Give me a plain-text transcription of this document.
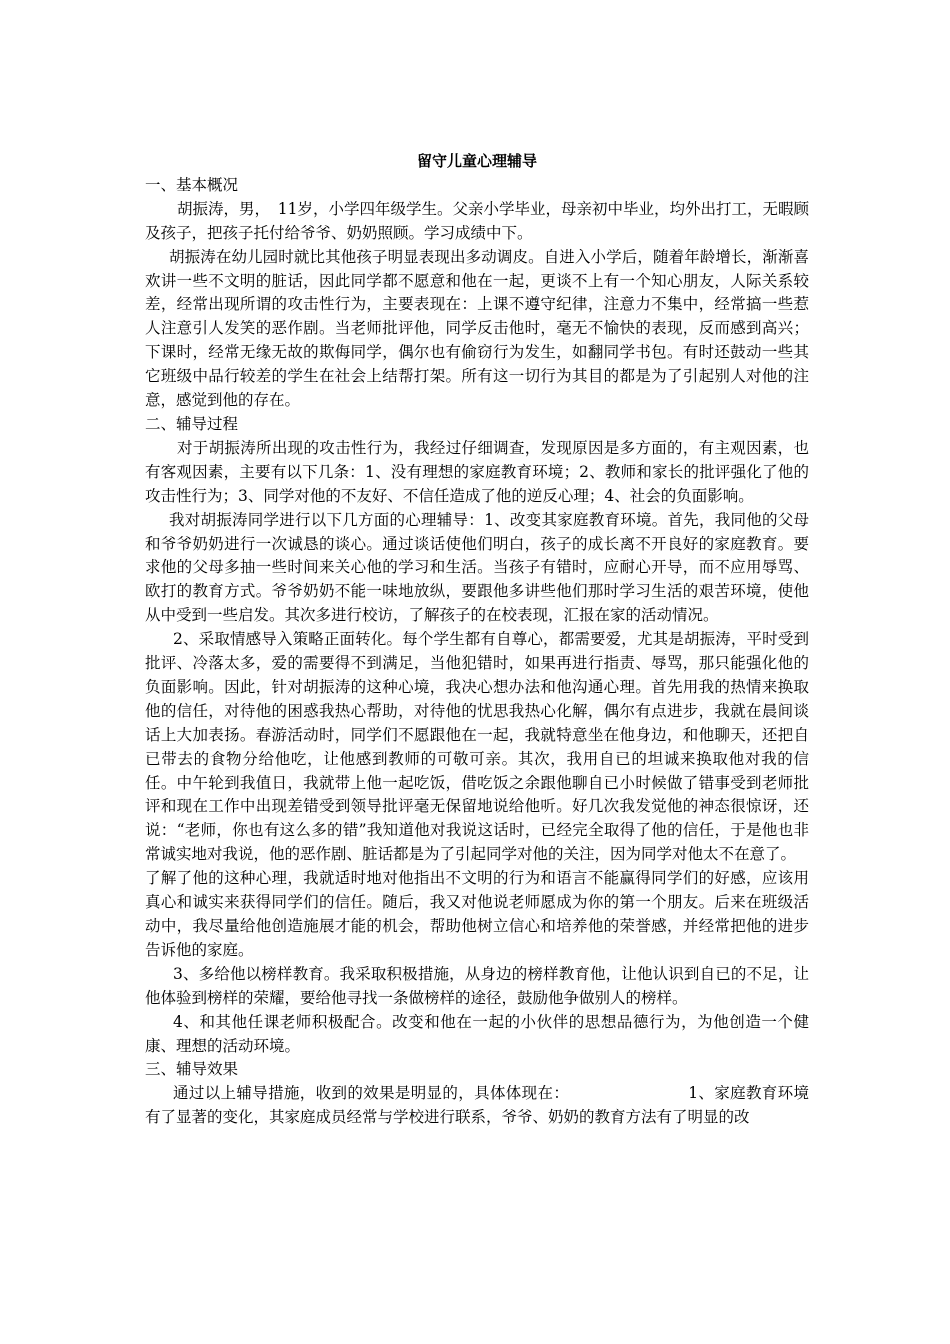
留守儿童心理辅导

一、基本概况

胡振涛，男，　11岁，小学四年级学生。父亲小学毕业，母亲初中毕业，均外出打工，无暇顾及孩子，把孩子托付给爷爷、奶奶照顾。学习成绩中下。

胡振涛在幼儿园时就比其他孩子明显表现出多动调皮。自进入小学后，随着年龄增长，渐渐喜欢讲一些不文明的脏话，因此同学都不愿意和他在一起，更谈不上有一个知心朋友，人际关系较差，经常出现所谓的攻击性行为，主要表现在：上课不遵守纪律，注意力不集中，经常搞一些惹人注意引人发笑的恶作剧。当老师批评他，同学反击他时，毫无不愉快的表现，反而感到高兴；下课时，经常无缘无故的欺侮同学，偶尔也有偷窃行为发生，如翻同学书包。有时还鼓动一些其它班级中品行较差的学生在社会上结帮打架。所有这一切行为其目的都是为了引起别人对他的注意，感觉到他的存在。

二、辅导过程

对于胡振涛所出现的攻击性行为，我经过仔细调查，发现原因是多方面的，有主观因素，也有客观因素，主要有以下几条：1、没有理想的家庭教育环境；2、教师和家长的批评强化了他的攻击性行为；3、同学对他的不友好、不信任造成了他的逆反心理；4、社会的负面影响。

我对胡振涛同学进行以下几方面的心理辅导：1、改变其家庭教育环境。首先，我同他的父母和爷爷奶奶进行一次诚恳的谈心。通过谈话使他们明白，孩子的成长离不开良好的家庭教育。要求他的父母多抽一些时间来关心他的学习和生活。当孩子有错时，应耐心开导，而不应用辱骂、欧打的教育方式。爷爷奶奶不能一味地放纵，要跟他多讲些他们那时学习生活的艰苦环境，使他从中受到一些启发。其次多进行校访，了解孩子的在校表现，汇报在家的活动情况。

2、采取情感导入策略正面转化。每个学生都有自尊心，都需要爱，尤其是胡振涛，平时受到批评、冷落太多，爱的需要得不到满足，当他犯错时，如果再进行指责、辱骂，那只能强化他的负面影响。因此，针对胡振涛的这种心境，我决心想办法和他沟通心理。首先用我的热情来换取他的信任，对待他的困惑我热心帮助，对待他的忧思我热心化解，偶尔有点进步，我就在晨间谈话上大加表扬。春游活动时，同学们不愿跟他在一起，我就特意坐在他身边，和他聊天，还把自已带去的食物分给他吃，让他感到教师的可敬可亲。其次，我用自已的坦诚来换取他对我的信任。中午轮到我值日，我就带上他一起吃饭，借吃饭之余跟他聊自已小时候做了错事受到老师批评和现在工作中出现差错受到领导批评毫无保留地说给他听。好几次我发觉他的神态很惊讶，还说：“老师，你也有这么多的错”我知道他对我说这话时，已经完全取得了他的信任，于是他也非常诚实地对我说，他的恶作剧、脏话都是为了引起同学对他的关注，因为同学对他太不在意了。

了解了他的这种心理，我就适时地对他指出不文明的行为和语言不能赢得同学们的好感，应该用真心和诚实来获得同学们的信任。随后，我又对他说老师愿成为你的第一个朋友。后来在班级活动中，我尽量给他创造施展才能的机会，帮助他树立信心和培养他的荣誉感，并经常把他的进步告诉他的家庭。

3、多给他以榜样教育。我采取积极措施，从身边的榜样教育他，让他认识到自已的不足，让他体验到榜样的荣耀，要给他寻找一条做榜样的途径，鼓励他争做别人的榜样。

4、和其他任课老师积极配合。改变和他在一起的小伙伴的思想品德行为，为他创造一个健康、理想的活动环境。

三、辅导效果

通过以上辅导措施，收到的效果是明显的，具体体现在：　　　　　　　　1、家庭教育环境有了显著的变化，其家庭成员经常与学校进行联系，爷爷、奶奶的教育方法有了明显的改
